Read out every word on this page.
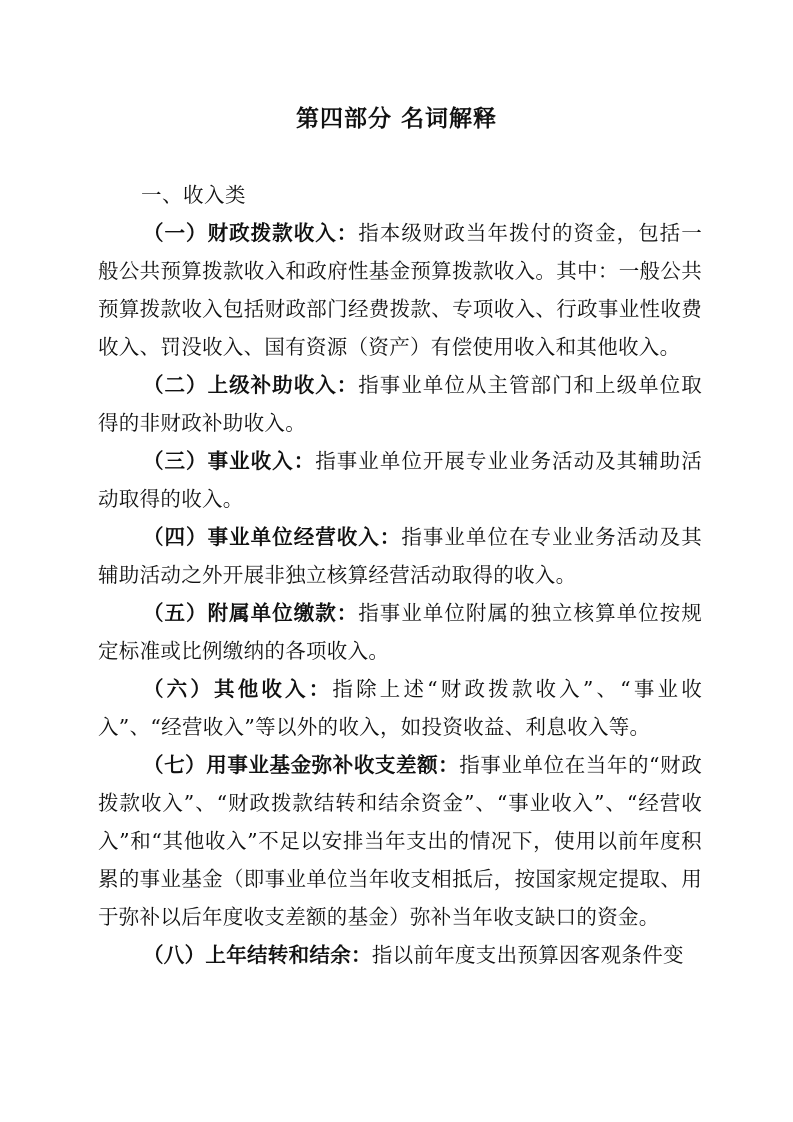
第四部分 名词解释

一、收入类

（一）财政拨款收入：指本级财政当年拨付的资金，包括一般公共预算拨款收入和政府性基金预算拨款收入。其中：一般公共预算拨款收入包括财政部门经费拨款、专项收入、行政事业性收费收入、罚没收入、国有资源（资产）有偿使用收入和其他收入。

（二）上级补助收入：指事业单位从主管部门和上级单位取得的非财政补助收入。

（三）事业收入：指事业单位开展专业业务活动及其辅助活动取得的收入。

（四）事业单位经营收入：指事业单位在专业业务活动及其辅助活动之外开展非独立核算经营活动取得的收入。

（五）附属单位缴款：指事业单位附属的独立核算单位按规定标准或比例缴纳的各项收入。

（六）其他收入：指除上述“财政拨款收入”、“事业收入”、“经营收入”等以外的收入，如投资收益、利息收入等。

（七）用事业基金弥补收支差额：指事业单位在当年的“财政拨款收入”、“财政拨款结转和结余资金”、“事业收入”、“经营收入”和“其他收入”不足以安排当年支出的情况下，使用以前年度积累的事业基金（即事业单位当年收支相抵后，按国家规定提取、用于弥补以后年度收支差额的基金）弥补当年收支缺口的资金。

（八）上年结转和结余：指以前年度支出预算因客观条件变
